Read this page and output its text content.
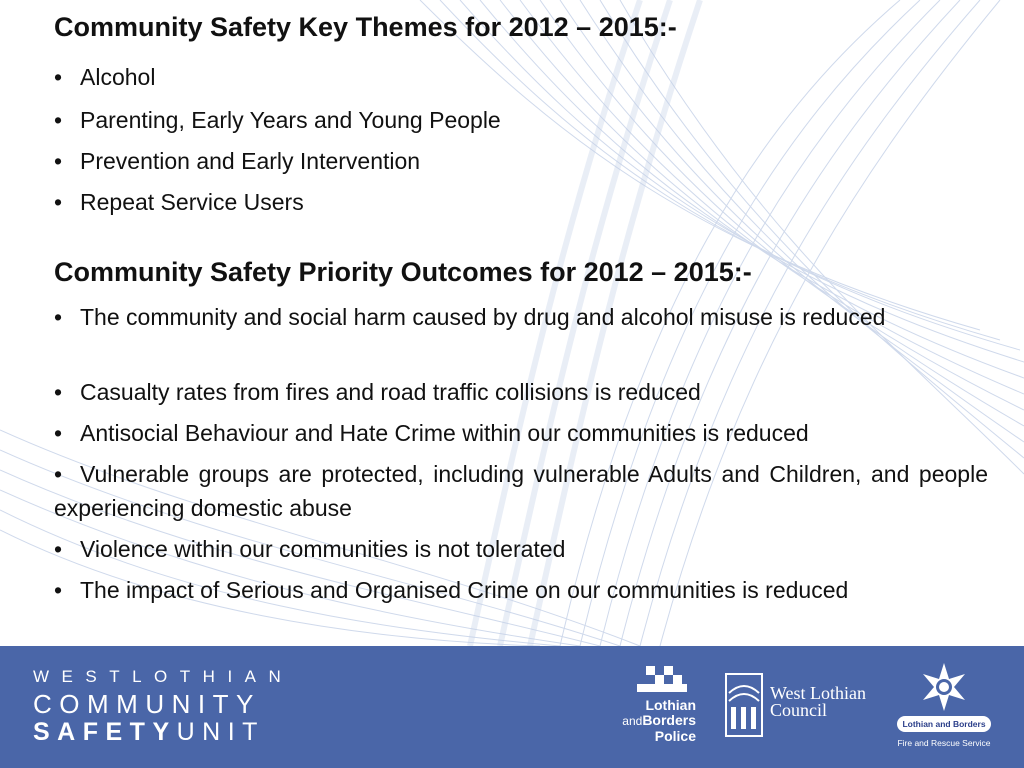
Community Safety Key Themes for 2012 – 2015:-
• Alcohol
• Parenting, Early Years and Young People
• Prevention and Early Intervention
• Repeat Service Users
Community Safety Priority Outcomes for 2012 – 2015:-
• The community and social harm caused by drug and alcohol misuse is reduced
• Casualty rates from fires and road traffic collisions is reduced
• Antisocial Behaviour and Hate Crime within our communities is reduced
• Vulnerable groups are protected, including vulnerable Adults and Children, and people experiencing domestic abuse
• Violence within our communities is not tolerated
• The impact of Serious and Organised Crime on our communities is reduced
WESTLOTHIAN
COMMUNITY
SAFETYUNIT
Lothian
andBorders
Police
West Lothian
Council
Lothian and Borders
Fire and Rescue Service
